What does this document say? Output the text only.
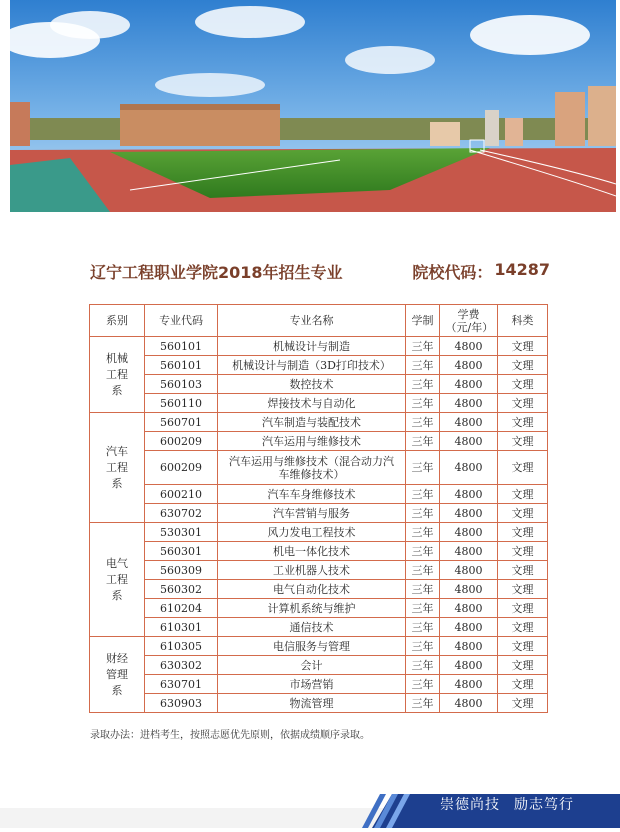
辽宁工程职业学院2018年招生专业	院校代码： 14287
系别	专业代码	专业名称	学制	学费（元/年）	科类

机械工程系	560101	机械设计与制造	三年	4800	文理
	560101	机械设计与制造（3D打印技术）	三年	4800	文理
	560103	数控技术	三年	4800	文理
	560110	焊接技术与自动化	三年	4800	文理

汽车工程系	560701	汽车制造与装配技术	三年	4800	文理
	600209	汽车运用与维修技术	三年	4800	文理
	600209	汽车运用与维修技术（混合动力汽车维修技术）	三年	4800	文理
	600210	汽车车身维修技术	三年	4800	文理
	630702	汽车营销与服务	三年	4800	文理

电气工程系	530301	风力发电工程技术	三年	4800	文理
	560301	机电一体化技术	三年	4800	文理
	560309	工业机器人技术	三年	4800	文理
	560302	电气自动化技术	三年	4800	文理
	610204	计算机系统与维护	三年	4800	文理
	610301	通信技术	三年	4800	文理

财经管理系	610305	电信服务与管理	三年	4800	文理
	630302	会计	三年	4800	文理
	630701	市场营销	三年	4800	文理
	630903	物流管理	三年	4800	文理
录取办法：进档考生，按照志愿优先原则，依据成绩顺序录取。
崇德尚技 励志笃行
